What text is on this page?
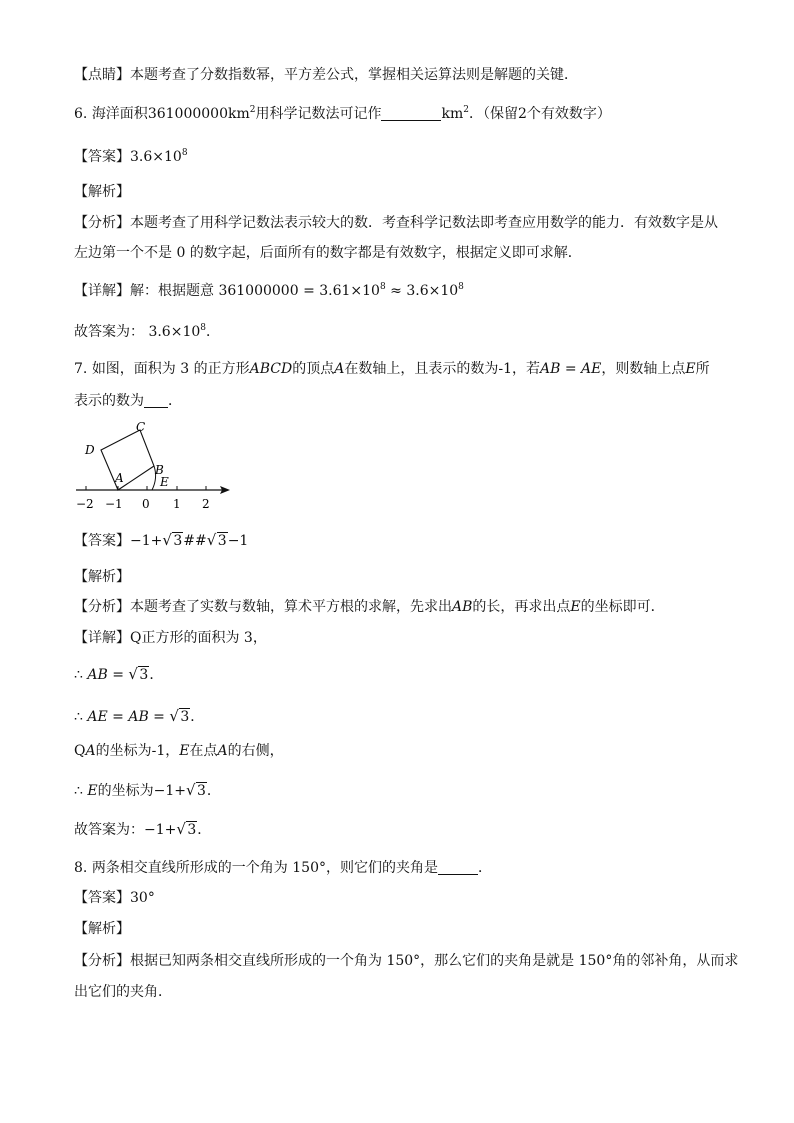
【点睛】本题考查了分数指数幂，平方差公式，掌握相关运算法则是解题的关键．
6. 海洋面积$361000000km^2$用科学记数法可记作	$km^2$．（保留2个有效数字）
【答案】$3.6\times 10^8$
【解析】
【分析】本题考查了用科学记数法表示较大的数．考查科学记数法即考查应用数学的能力．有效数字是从
左边第一个不是 0 的数字起，后面所有的数字都是有效数字，根据定义即可求解．
【详解】解：根据题意 $361000000 = 3.61\times 10^8 \approx 3.6\times 10^8$
故答案为： $3.6\times 10^8$．
7. 如图，面积为 3 的正方形ABCD的顶点A在数轴上，且表示的数为-1，若AB = AE，则数轴上点E所
表示的数为 ．
D
C
A
B
E
−2 −1 0 1 2
【答案】−1+ √ 3## √ 3−1
【解析】
【分析】本题考查了实数与数轴，算术平方根的求解，先求出AB的长，再求出点E的坐标即可．
【详解】Q正方形的面积为 3，
∴ AB = √ 3．
∴ AE = AB = √ 3．
QA的坐标为-1，E在点A的右侧，
∴ E的坐标为−1+ √ 3．
故答案为：−1+ √ 3．
8. 两条相交直线所形成的一个角为 150°，则它们的夹角是	．
【答案】30°
【解析】
【分析】根据已知两条相交直线所形成的一个角为 150°，那么它们的夹角是就是 150°角的邻补角，从而求
出它们的夹角．
